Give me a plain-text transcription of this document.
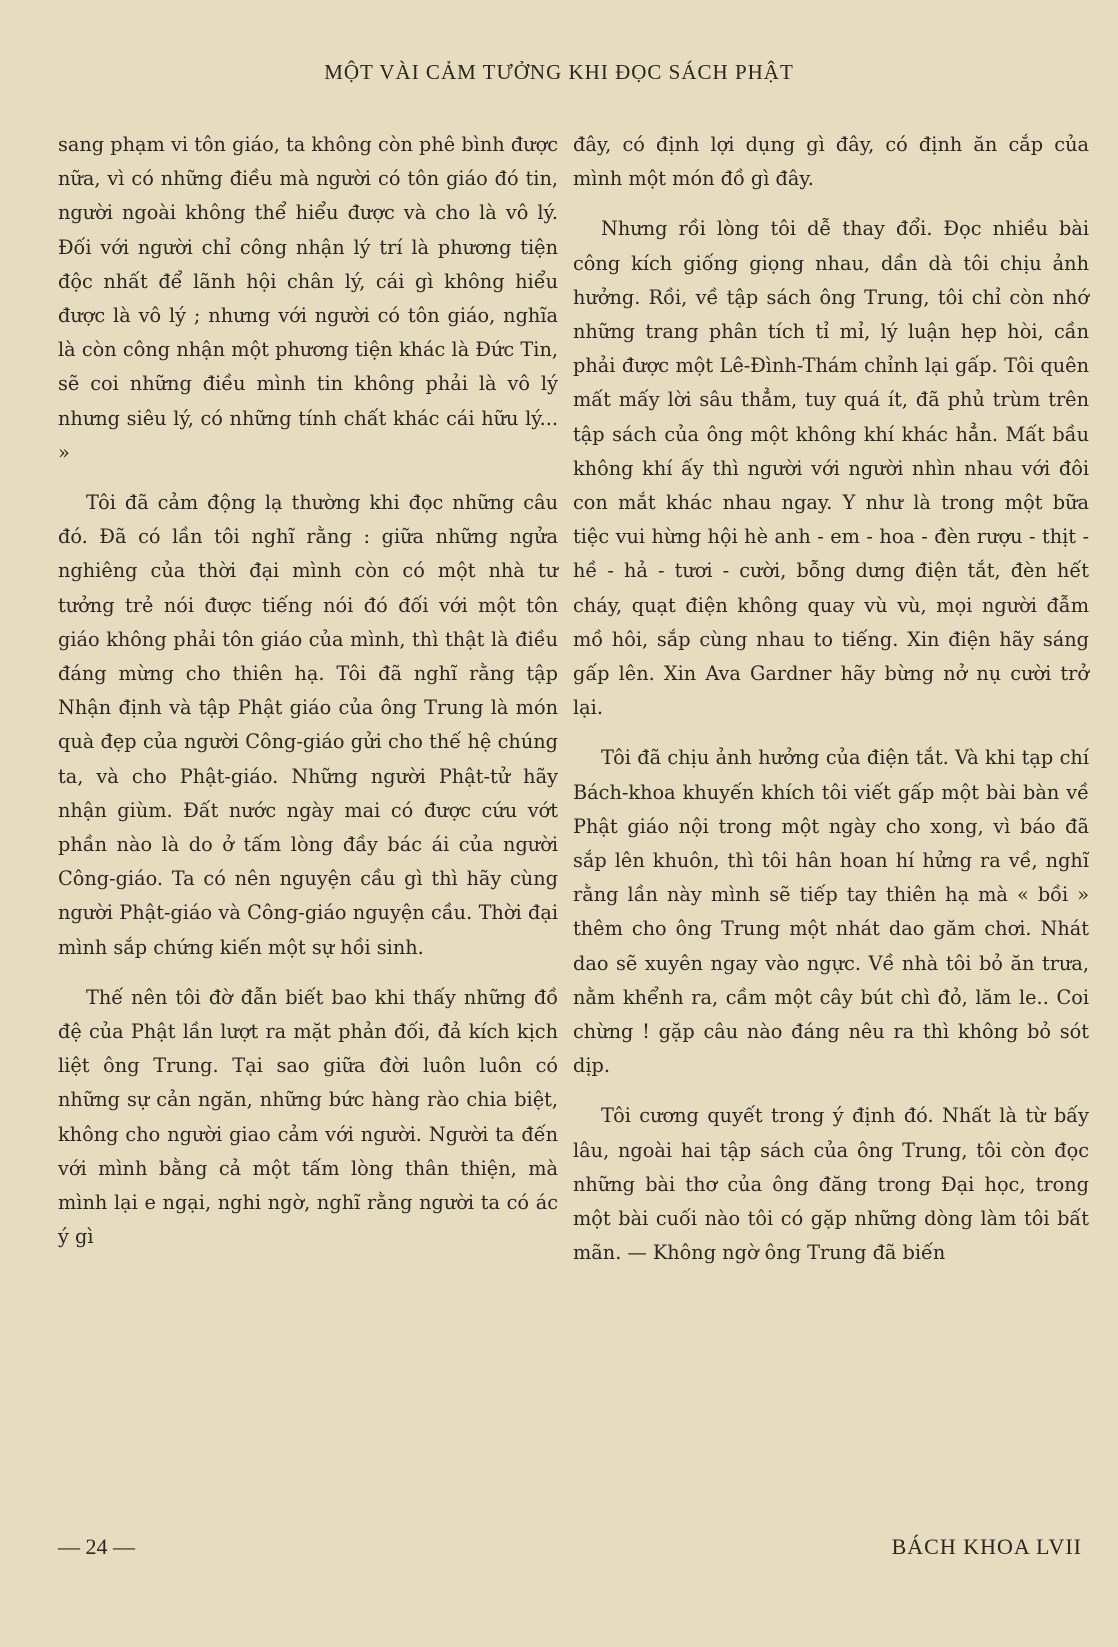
MỘT VÀI CẢM TƯỞNG KHI ĐỌC SÁCH PHẬT

sang phạm vi tôn giáo, ta không còn phê bình được nữa, vì có những điều mà người có tôn giáo đó tin, người ngoài không thể hiểu được và cho là vô lý. Đối với người chỉ công nhận lý trí là phương tiện độc nhất để lãnh hội chân lý, cái gì không hiểu được là vô lý ; nhưng với người có tôn giáo, nghĩa là còn công nhận một phương tiện khác là Đức Tin, sẽ coi những điều mình tin không phải là vô lý nhưng siêu lý, có những tính chất khác cái hữu lý... »

Tôi đã cảm động lạ thường khi đọc những câu đó. Đã có lần tôi nghĩ rằng : giữa những ngửa nghiêng của thời đại mình còn có một nhà tư tưởng trẻ nói được tiếng nói đó đối với một tôn giáo không phải tôn giáo của mình, thì thật là điều đáng mừng cho thiên hạ. Tôi đã nghĩ rằng tập Nhận định và tập Phật giáo của ông Trung là món quà đẹp của người Công-giáo gửi cho thế hệ chúng ta, và cho Phật-giáo. Những người Phật-tử hãy nhận giùm. Đất nước ngày mai có được cứu vớt phần nào là do ở tấm lòng đầy bác ái của người Công-giáo. Ta có nên nguyện cầu gì thì hãy cùng người Phật-giáo và Công-giáo nguyện cầu. Thời đại mình sắp chứng kiến một sự hồi sinh.

Thế nên tôi đờ đẫn biết bao khi thấy những đồ đệ của Phật lần lượt ra mặt phản đối, đả kích kịch liệt ông Trung. Tại sao giữa đời luôn luôn có những sự cản ngăn, những bức hàng rào chia biệt, không cho người giao cảm với người. Người ta đến với mình bằng cả một tấm lòng thân thiện, mà mình lại e ngại, nghi ngờ, nghĩ rằng người ta có ác ý gì

đây, có định lợi dụng gì đây, có định ăn cắp của mình một món đồ gì đây.

Nhưng rồi lòng tôi dễ thay đổi. Đọc nhiều bài công kích giống giọng nhau, dần dà tôi chịu ảnh hưởng. Rồi, về tập sách ông Trung, tôi chỉ còn nhớ những trang phân tích tỉ mỉ, lý luận hẹp hòi, cần phải được một Lê-Đình-Thám chỉnh lại gấp. Tôi quên mất mấy lời sâu thẳm, tuy quá ít, đã phủ trùm trên tập sách của ông một không khí khác hẳn. Mất bầu không khí ấy thì người với người nhìn nhau với đôi con mắt khác nhau ngay. Y như là trong một bữa tiệc vui hừng hội hè anh - em - hoa - đèn rượu - thịt - hề - hả - tươi - cười, bỗng dưng điện tắt, đèn hết cháy, quạt điện không quay vù vù, mọi người đẫm mồ hôi, sắp cùng nhau to tiếng. Xin điện hãy sáng gấp lên. Xin Ava Gardner hãy bừng nở nụ cười trở lại.

Tôi đã chịu ảnh hưởng của điện tắt. Và khi tạp chí Bách-khoa khuyến khích tôi viết gấp một bài bàn về Phật giáo nội trong một ngày cho xong, vì báo đã sắp lên khuôn, thì tôi hân hoan hí hửng ra về, nghĩ rằng lần này mình sẽ tiếp tay thiên hạ mà « bồi » thêm cho ông Trung một nhát dao găm chơi. Nhát dao sẽ xuyên ngay vào ngực. Về nhà tôi bỏ ăn trưa, nằm khểnh ra, cầm một cây bút chì đỏ, lăm le.. Coi chừng ! gặp câu nào đáng nêu ra thì không bỏ sót dịp.

Tôi cương quyết trong ý định đó. Nhất là từ bấy lâu, ngoài hai tập sách của ông Trung, tôi còn đọc những bài thơ của ông đăng trong Đại học, trong một bài cuối nào tôi có gặp những dòng làm tôi bất mãn. — Không ngờ ông Trung đã biến

— 24 —	BÁCH KHOA LVII
